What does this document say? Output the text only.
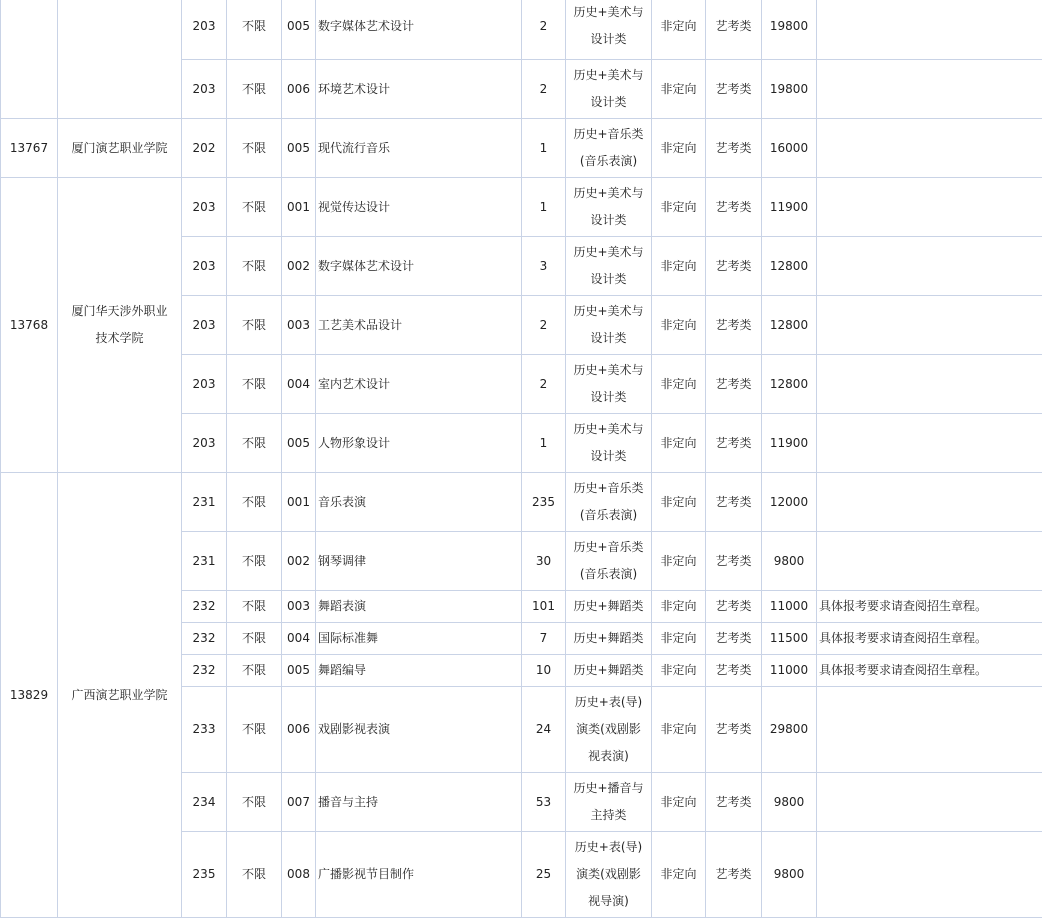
		203	不限	005	数字媒体艺术设计	2	历史+美术与设计类	非定向	艺考类	19800	
		203	不限	006	环境艺术设计	2	历史+美术与设计类	非定向	艺考类	19800	
13767	厦门演艺职业学院	202	不限	005	现代流行音乐	1	历史+音乐类(音乐表演)	非定向	艺考类	16000	
13768	厦门华天涉外职业技术学院	203	不限	001	视觉传达设计	1	历史+美术与设计类	非定向	艺考类	11900	
		203	不限	002	数字媒体艺术设计	3	历史+美术与设计类	非定向	艺考类	12800	
		203	不限	003	工艺美术品设计	2	历史+美术与设计类	非定向	艺考类	12800	
		203	不限	004	室内艺术设计	2	历史+美术与设计类	非定向	艺考类	12800	
		203	不限	005	人物形象设计	1	历史+美术与设计类	非定向	艺考类	11900	
13829	广西演艺职业学院	231	不限	001	音乐表演	235	历史+音乐类(音乐表演)	非定向	艺考类	12000	
		231	不限	002	钢琴调律	30	历史+音乐类(音乐表演)	非定向	艺考类	9800	
		232	不限	003	舞蹈表演	101	历史+舞蹈类	非定向	艺考类	11000	具体报考要求请查阅招生章程。
		232	不限	004	国际标准舞	7	历史+舞蹈类	非定向	艺考类	11500	具体报考要求请查阅招生章程。
		232	不限	005	舞蹈编导	10	历史+舞蹈类	非定向	艺考类	11000	具体报考要求请查阅招生章程。
		233	不限	006	戏剧影视表演	24	历史+表(导)演类(戏剧影视表演)	非定向	艺考类	29800	
		234	不限	007	播音与主持	53	历史+播音与主持类	非定向	艺考类	9800	
		235	不限	008	广播影视节目制作	25	历史+表(导)演类(戏剧影视导演)	非定向	艺考类	9800	
